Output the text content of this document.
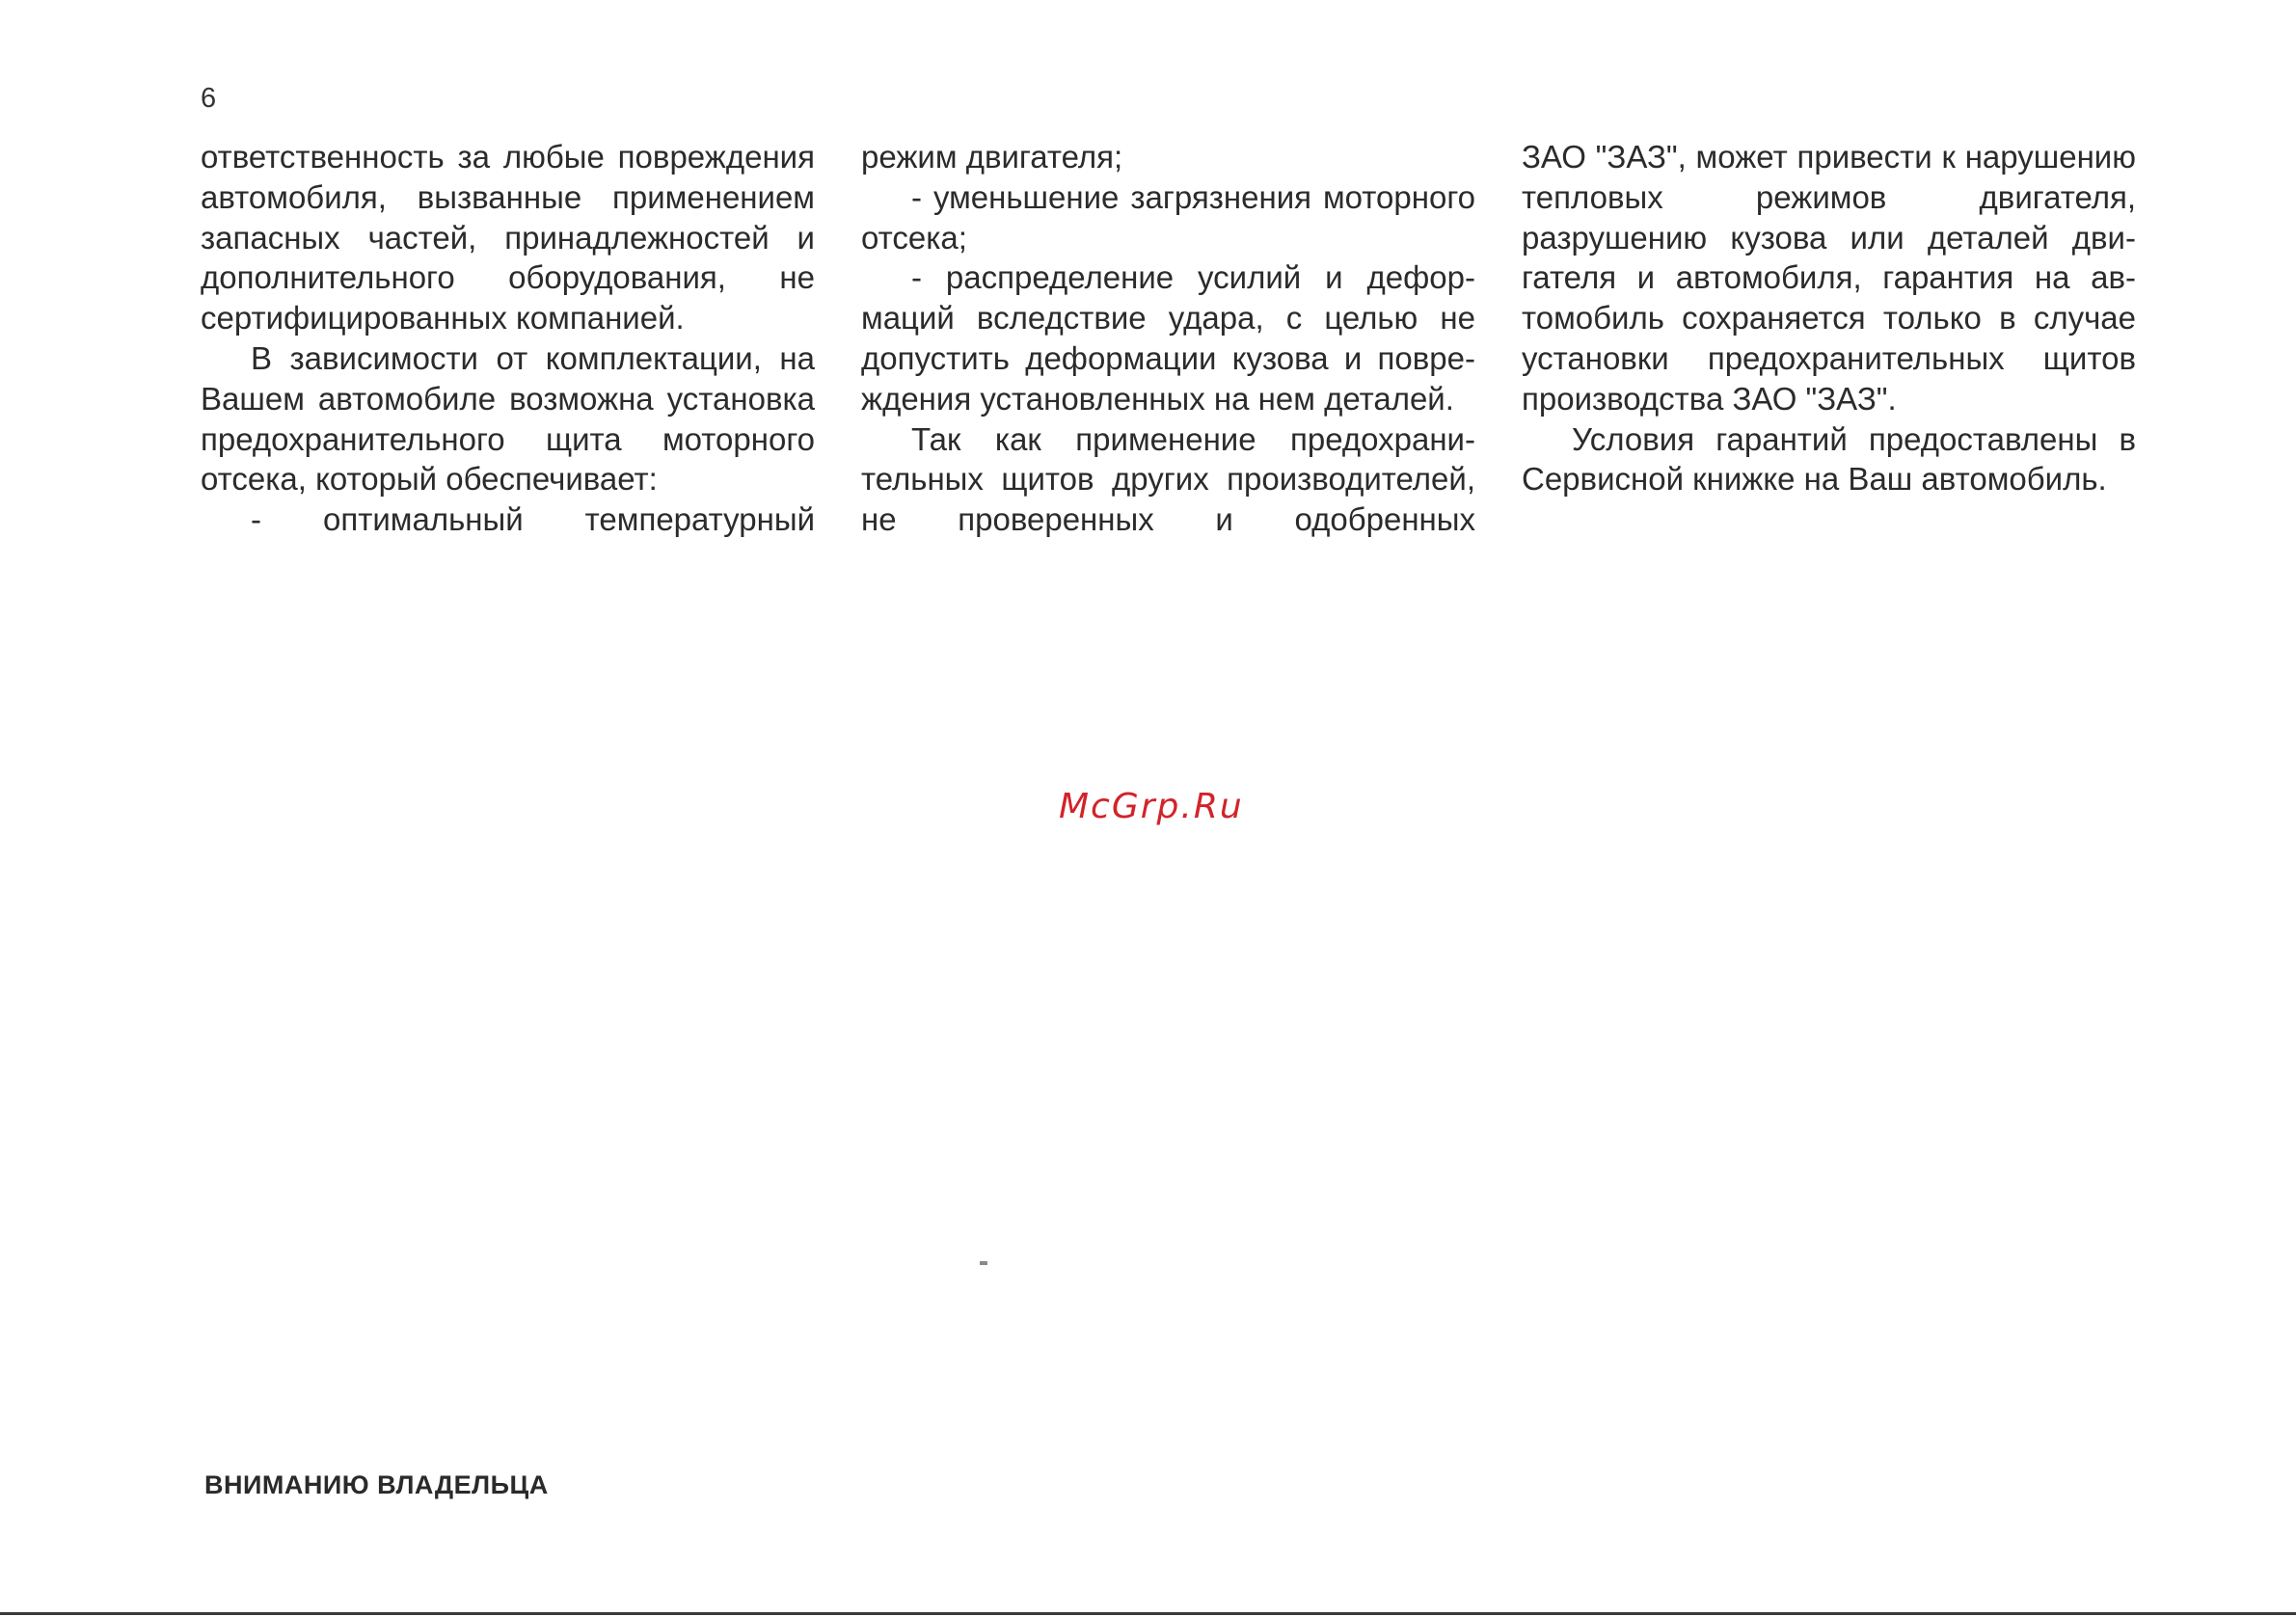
6

ответственность за любые повреждения автомобиля, вызванные применением запасных частей, принадлежностей и дополнительного оборудования, не сертифицированных компанией.

В зависимости от комплектации, на Вашем автомобиле возможна установка предохранительного щита моторного отсека, который обеспечивает:

- оптимальный температурный

режим двигателя;

- уменьшение загрязнения моторного отсека;

- распределение усилий и деформаций вследствие удара, с целью не допустить деформации кузова и повреждения установленных на нем деталей.

Так как применение предохранительных щитов других производителей, не проверенных и одобренных

ЗАО "ЗАЗ", может привести к нарушению тепловых режимов двигателя, разрушению кузова или деталей двигателя и автомобиля, гарантия на автомобиль сохраняется только в случае установки предохранительных щитов производства ЗАО "ЗАЗ".

Условия гарантий предоставлены в Сервисной книжке на Ваш автомобиль.

McGrp.Ru
ВНИМАНИЮ ВЛАДЕЛЬЦА
